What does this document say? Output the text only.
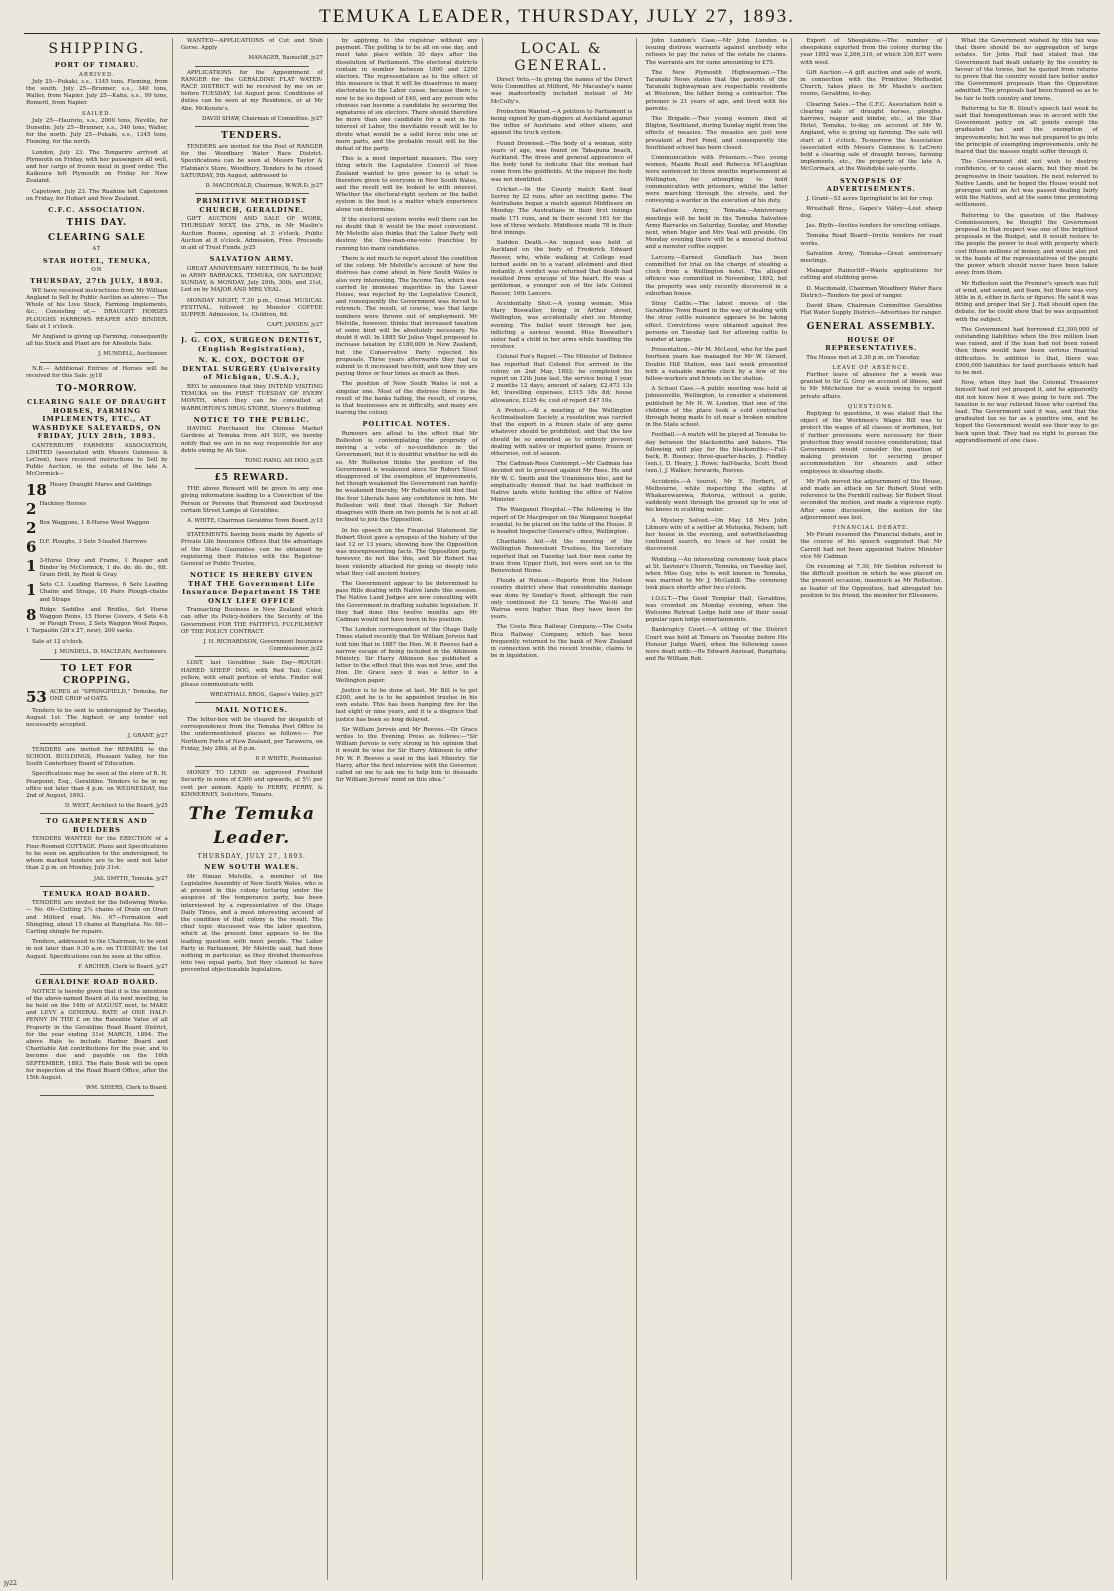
TEMUKA LEADER, THURSDAY, JULY 27, 1893.
SHIPPING.
PORT OF TIMARU.
ARRIVED.

July 25—Pukaki, s.s., 1345 tons, Fleming, from the south. July 25—Brunner, s.s., 340 tons, Waller, from Napier. July 25—Kahu, s.s., 99 tons, Romeril, from Napier.

SAILED.

July 25—Hauroto, s.s., 2000 tons, Neville, for Dunedin. July 25—Brunner, s.s., 340 tons, Waller, for the north. July 25—Pukaki, s.s., 1345 tons, Fleming, for the north.

London, July 23. The Tongariro arrived at Plymouth on Friday, with her passengers all well, and her cargo of frozen meat in good order. The Kaikoura left Plymouth on Friday for New Zealand.

Capetown, July 23. The Ruahine left Capetown on Friday, for Hobart and New Zealand.

C.F.C. ASSOCIATION.
THIS DAY.
CLEARING SALE
AT
STAR HOTEL, TEMUKA,
ON
THURSDAY, 27th JULY, 1893.

WE have received instructions from Mr William Angland to Sell by Public Auction as above:— The Whole of his Live Stock, Farming Implements, &c., Consisting of,— DRAUGHT HORSES PLOUGHS HARROWS REAPER AND BINDER. Sale at 1 o'clock.

Mr Angland is giving up Farming, consequently all his Stock and Plant are for Absolute Sale.

J. MUNDELL, Auctioneer.

N.B.— Additional Entries of Horses will be received for this Sale. jy18

TO-MORROW.
CLEARING SALE OF DRAUGHT HORSES, FARMING IMPLEMENTS, ETC., AT WASHDYKE SALEYARDS, ON FRIDAY, JULY 28th, 1893.

CANTERBURY FARMERS' ASSOCIATION, LIMITED (associated with Messrs Guinness & LeCren), have received instructions to Sell by Public Auction, in the estate of the late A. McCormick—

18 Heavy Draught Mares and Geldings

2 Hackney Horses

2 Box Waggons, 1 8-Horse Wool Waggon

6 D.F. Ploughs, 3 Sets 5-leafed Harrows

1 3-Horse Dray and Frame, 1 Reaper and Binder by McCormick, 1 do. do. do. do., 6ft. Grain Drill, by Reid & Gray.

1 Sets C.I. Leading Harness, 6 Sets Leading Chains and Straps, 16 Pairs Plough-chains and Straps

8 Ridge Saddles and Bridles, Set Horse Waggon Reins, 15 Horse Covers, 4 Sets 4-h or Plough Trees, 2 Sets Waggon Wool Ropes, 1 Tarpaulin (28 x 27, new), 200 sacks.

Sale at 12 o'clock.

J. MUNDELL, D. MACLEAN, Auctioneers.
TO LET FOR CROPPING.

53 ACRES at "SPRINGFIELD," Temuka, for ONE CROP of OATS.

Tenders to be sent to undersigned by Tuesday, August 1st. The highest or any tender not necessarily accepted.

J. GRANT. jy27

TENDERS are invited for REPAIRS to the SCHOOL BUILDINGS, Pleasant Valley, for the South Canterbury Board of Education.

Specifications may be seen at the store of R. H. Pearpoint, Esq., Geraldine. Tenders to be in my office not later than 4 p.m. on WEDNESDAY, the 2nd of August, 1893.

D. WEST, Architect to the Board. jy25
TO GARPENTERS AND BUILDERS

TENDERS WANTED for the ERECTION of a Four-Roomed COTTAGE. Plans and Specifications to be seen on application to the undersigned, to whom marked tenders are to be sent not later than 2 p.m. on Monday, July 31st.

JAS. SMYTH, Temuka. jy27
TEMUKA ROAD BOARD.

TENDERS are invited for the following Works:— No. 66—Cutting 2¼ chains of Drain on Orari and Milford road. No. 67—Formation and Shingling, about 15 chains at Rangitata. No. 68—Carting shingle for repairs.

Tenders, addressed to the Chairman, to be sent in not later than 9.30 a.m. on TUESDAY, the 1st August. Specifications can be seen at the office.

F. ARCHER, Clerk to Board. jy27
GERALDINE ROAD BOARD.

NOTICE is hereby given that it is the intention of the above-named Board at its next meeting, to be held on the 14th of AUGUST next, to MAKE and LEVY a GENERAL RATE of ONE HALF-PENNY IN THE £ on the Rateable Value of all Property in the Geraldine Road Board District, for the year ending 31st MARCH, 1894. The above Rate to include Harbor Board and Charitable Aid contributions for the year, and to become due and payable on the 16th SEPTEMBER, 1893. The Rate Book will be open for inspection at the Road Board Office, after the 15th August.

WM. SHIERS, Clerk to Board.

WANTED—APPLICATIONS of Cut and Stub Gorse. Apply

MANAGER, Rainscliff. jy27

APPLICATIONS for the Appointment of RANGER for the GERALDINE FLAT WATER-RACE DISTRICT will be received by me on or before TUESDAY, 1st August prox. Conditions of duties can be seen at my Residence, or at Mr Abe. McKenzie's.

DAVID SHAW, Chairman of Committee. jy27
TENDERS.

TENDERS are invited for the Post of RANGER for the Woodbury Water Race District. Specifications can be seen at Messrs Taylor & Flatman's Store, Woodbury. Tenders to be closed SATURDAY, 5th August, addressed to

D. MACDONALD, Chairman, W.W.R.D. jy27
PRIMITIVE METHODIST CHURCH, GERALDINE.

GIFT AUCTION AND SALE OF WORK, THURSDAY NEXT, the 27th, in Mr Maslin's Auction Rooms, opening at 3 o'clock. Public Auction at 8 o'clock. Admission, Free. Proceeds in aid of Trust Funds. jy25

SALVATION ARMY.

GREAT ANNIVERSARY MEETINGS, To be held in ARMY BARRACKS, TEMUKA, ON SATURDAY, SUNDAY, & MONDAY, July 29th, 30th, and 31st, Led on by MAJOR AND MRS VEAL.

MONDAY NIGHT, 7.30 p.m., Great MUSICAL FESTIVAL, followed by Monster COFFEE SUPPER. Admission, 1s. Children, 6d.

CAPT. JANSEN. jy27
J. G. COX, SURGEON DENTIST, (English Registration),
N. K. COX, DOCTOR OF DENTAL SURGERY (University of Michigan, U.S.A.),

BEG to announce that they INTEND VISITING TEMUKA on the FIRST TUESDAY OF EVERY MONTH, when they can be consulted at WARBURTON'S DRUG STORE, Storey's Building.

NOTICE TO THE PUBLIC.

HAVING Purchased the Chinese Market Gardens at Temuka from AH SUE, we hereby notify that we are in no way responsible for any debts owing by Ah Sue.

TONG HANG. AH HOO. jy25
£5 REWARD.

THE above Reward will be given to any one giving information leading to a Conviction of the Person or Persons that Removed and Destroyed certain Street Lamps at Geraldine.

A. WHITE, Chairman Geraldine Town Board. jy13

STATEMENTS having been made by Agents of Private Life Insurance Offices that the advantage of the State Guarantee can be obtained by registering their Policies with the Registrar-General or Public Trustee,

NOTICE IS HEREBY GIVEN THAT THE Government Life Insurance Department IS THE ONLY LIFE OFFICE

Transacting Business in New Zealand which can offer its Policy-holders the Security of the Government FOR THE FAITHFUL FULFILMENT OF THE POLICY CONTRACT.

J. H. RICHARDSON, Government Insurance Commissioner. jy22

LOST, last Geraldine Sale Day—ROUGH-HAIRED SHEEP DOG, with Red Tail; Color, yellow, with small portion of white. Finder will please communicate with

WREATHALL BROS., Gapes's Valley. jy27
MAIL NOTICES.

The letter-box will be cleared for despatch of correspondence from the Temuka Post Office to the undermentioned places as follows:— For Northern Ports of New Zealand, per Tarawera, on Friday, July 28th, at 8 p.m.

P. P. WHITE, Postmaster.

MONEY TO LEND on approved Freehold Security in sums of £300 and upwards, at 5½ per cent per annum. Apply to PERRY, PERRY, & KINNERNEY, Solicitors, Timaru.

The Temuka Leader.
THURSDAY, JULY 27, 1893.
NEW SOUTH WALES.

Mr Ninian Melville, a member of the Legislative Assembly of New South Wales, who is at present in this colony lecturing under the auspices of the temperance party, has been interviewed by a representative of the Otago Daily Times, and a most interesting account of the condition of that colony is the result. The chief topic discussed was the labor question, which at the present time appears to be the leading question with most people. The Labor Party in Parliament, Mr Melville said, had done nothing in particular, as they divided themselves into two equal parts, but they claimed to have prevented objectionable legislation.

by applying to the registrar without any payment. The polling is to be all on one day, and must take place within 30 days after the dissolution of Parliament. The electoral districts contain in number between 1800 and 2200 electors. The representation as to the effect of this measure is that it will be disastrous in many electorates to the Labor cause, because there is now to be no deposit of £40, and any person who chooses can become a candidate by securing the signatures of six electors. There should therefore be more than one candidate for a seat in the interest of Labor, the inevitable result will be to divide what would be a solid force into one or more parts, and the probable result will be the defeat of the party.

This is a most important measure. The very thing which the Legislative Council of New Zealand wanted to give power to is what is therefore given to everyone in New South Wales, and the result will be looked to with interest. Whether the electoral-right system or the ballot system is the best is a matter which experience alone can determine.

If the electoral system works well there can be no doubt that it would be the most convenient. Mr Melville also thinks that the Labor Party will destroy the One-man-one-vote franchise by running too many candidates.

There is not much to report about the condition of the colony. Mr Melville's account of how the distress has come about in New South Wales is also very interesting. The Income Tax, which was carried by immense majorities in the Lower House, was rejected by the Legislative Council, and consequently the Government was forced to retrench. The result, of course, was that large numbers were thrown out of employment. Mr Melville, however, thinks that increased taxation of some kind will be absolutely necessary. No doubt it will. In 1885 Sir Julius Vogel proposed to increase taxation by £180,000 in New Zealand, but the Conservative Party rejected his proposals. Three years afterwards they had to submit to it increased two-fold, and now they are paying three or four times as much as then.

The position of New South Wales is not a singular one. Most of the distress there is the result of the banks failing, the result, of course, is that businesses are in difficulty, and many are leaving the colony.

POLITICAL NOTES.

Rumours are afloat to the effect that Mr Rolleston is contemplating the propriety of moving a vote of no-confidence in the Government, but it is doubtful whether he will do so. Mr Rolleston thinks the position of the Government is weakened since Sir Robert Stout disapproved of the exemption of improvements, but though weakened the Government can hardly be weakened thereby. Mr Rolleston will find that the four Liberals have any confidence in him. Mr Rolleston will find that though Sir Robert disagrees with them on two points he is not at all inclined to join the Opposition.

In his speech on the Financial Statement Sir Robert Stout gave a synopsis of the history of the last 12 or 13 years, showing how the Opposition was misrepresenting facts. The Opposition party, however, do not like this, and Sir Robert has been violently attacked for going so deeply into what they call ancient history.

The Government appear to be determined to pass Bills dealing with Native lands this session. The Native Land Judges are now consulting with the Government in drafting suitable legislation. If they had done this twelve months ago Mr Cadman would not have been in his position.

The London correspondent of the Otago Daily Times stated recently that Sir William Jervois had told him that in 1887 the Hon. W. P. Reeves had a narrow escape of being included in the Atkinson Ministry. Sir Harry Atkinson has published a letter to the effect that this was not true, and the Hon. Dr. Grace says it was a letter to a Wellington paper.

Justice is to be done at last. Mr Bill is to get £200, and he is to be appointed trustee in his own estate. This has been hanging fire for the last eight or nine years, and it is a disgrace that justice has been so long delayed.

Sir William Jervois and Mr Reeves.—Dr Grace writes to the Evening Press as follows:—"Sir William Jervois is very strong in his opinion that it would be wise for Sir Harry Atkinson to offer Mr W. P. Reeves a seat in the last Ministry. Sir Harry, after the first interview with the Governor, called on me to ask me to help him to dissuade Sir William Jervois' mind on this idea."

LOCAL & GENERAL.

Direct Veto.—In giving the names of the Direct Veto Committee at Milford, Mr Macaulay's name was inadvertently included instead of Mr McCully's.

Protection Wanted.—A petition to Parliament is being signed by gum-diggers at Auckland against the influx of Austrians and other aliens, and against the truck system.

Found Drowned.—The body of a woman, sixty years of age, was found on Takapuna beach, Auckland. The dress and general appearance of the body tend to indicate that the woman had come from the goldfields. At the inquest the body was not identified.

Cricket.—In the County match Kent beat Surrey by 22 runs, after an exciting game. The Australians began a match against Middlesex on Monday. The Australians in their first innings made 171 runs, and in their second 161 for the loss of three wickets. Middlesex made 78 in their first innings.

Sudden Death.—An inquest was held at Auckland on the body of Frederick Edward Reeser, who, while walking at College road turned aside on to a vacant allotment and died instantly. A verdict was returned that death had resulted from syncope of the heart. He was a gentleman, a younger son of the late Colonel Reeser, 16th Lancers.

Accidentally Shot.—A young woman, Miss Mary Boswalter, living in Arthur street, Wellington, was accidentally shot on Monday evening. The bullet went through her jaw, inflicting a serious wound. Miss Boswalter's sister had a child in her arms while handling the revolver.

Colonel Fox's Report.—The Minister of Defence has reported that Colonel Fox arrived in the colony on 2nd May, 1892; he completed his report on 12th June last, the service being 1 year 2 months 12 days; amount of salary, £2,473 13s 4d; travelling expenses, £315 18s 8d; house allowance, £125 4s; cost of report £47 10s.

A Protest.—At a meeting of the Wellington Acclimatisation Society a resolution was carried that the export in a frozen state of any game whatever should be prohibited, and that the law should be so amended as to entirely prevent dealing with native or imported game, frozen or otherwise, out of season.

The Cadman-Rees Contempt.—Mr Cadman has decided not to proceed against Mr Rees. He and Mr W. C. Smith and the Unanimous bloc, and he emphatically denied that he had trafficked in Native lands while holding the office of Native Minister.

The Wanganui Hospital.—The following is the report of Dr Macgregor on the Wanganui hospital scandal, to be placed on the table of the House. It is headed Inspector General's office, Wellington.

Charitable Aid.—At the meeting of the Wellington Benevolent Trustees, the Secretary reported that on Tuesday last four men came by train from Upper Hutt, but were sent on to the Benevolent Home.

Floods at Nelson.—Reports from the Nelson country district show that considerable damage was done by Sunday's flood, although the rain only continued for 12 hours. The Wai-iti and Wairoa were higher than they have been for years.

The Costa Rica Railway Company.—The Costa Rica Railway Company, which has been frequently returned to the bank of New Zealand in connection with the recent trouble, claims to be in liquidation.

John Lundon's Case.—Mr John Lundon is issuing distress warrants against anybody who refuses to pay the rates of the estate he claims. The warrants are for sums amounting to £75.

The New Plymouth Highwayman.—The Taranaki News states that the parents of the Taranaki highwayman are respectable residents at Westown, the father being a contractor. The prisoner is 21 years of age, and lived with his parents.

The Brigade.—Two young women died at Bligton, Southland, during Sunday night from the effects of measles. The measles are just now prevalent at Port Pond, and consequently the Southland school has been closed.

Communication with Prisoners.—Two young women, Maude Reall and Rebecca M'Laughlan were sentenced to three months imprisonment at Wellington, for attempting to hold communication with prisoners, whilst the latter were marching through the streets, and for conveying a warder in the execution of his duty.

Salvation Army, Temuka.—Anniversary meetings will be held in the Temuka Salvation Army Barracks on Saturday, Sunday, and Monday next, when Major and Mrs Veal will preside. On Monday evening there will be a musical festival and a monster coffee supper.

Larceny.—Earnest Gundlach has been committed for trial on the charge of stealing a clock from a Wellington hotel. The alleged offence was committed in November, 1892, but the property was only recently discovered in a suburban house.

Stray Cattle.—The latest moves of the Geraldine Town Board in the way of dealing with the stray cattle nuisance appears to be taking effect. Convictions were obtained against five persons on Tuesday last for allowing cattle to wander at large.

Presentation.—Mr M. McLeod, who for the past fourteen years has managed for Mr W. Gerard, Double Hill Station, was last week presented with a valuable marble clock by a few of his fellow-workers and friends on the station.

A School Case.—A public meeting was held at Johnsonville, Wellington, to consider a statement published by Mr H. W. London, that one of the children of the place took a cold contracted through being made to sit near a broken window in the State school.

Football.—A match will be played at Temuka to-day between the blacksmiths and bakers. The following will play for the blacksmiths:—Full-back, R. Rooney; three-quarter-backs, J. Findley (sen.), D. Heary, J. Rowe; half-backs, Scott Hood (sen.), J. Walker; forwards, Reeves.

Accidents.—A tourist, Mr E. Herbert, of Melbourne, while inspecting the sights at Whakarewarewa, Rotorua, without a guide, suddenly went through the ground up to one of his knees in scalding water.

A Mystery Solved.—On May 18 Mrs John Litmore wife of a settler at Motueka, Nelson, left her house in the evening, and notwithstanding continued search, no trace of her could be discovered.

Wedding.—An interesting ceremony took place at St. Saviour's Church, Temuka, on Tuesday last, when Miss Guy, who is well known in Temuka, was married to Mr J. McGahill. The ceremony took place shortly after two o'clock.

I.O.G.T.—The Good Templar Hall, Geraldine, was crowded on Monday evening, when the Welcome Retreat Lodge held one of their usual popular open lodge entertainments.

Bankruptcy Court.—A sitting of the District Court was held at Timaru on Tuesday before His Honour Judge Ward, when the following cases were dealt with:—Re Edward Anstead, Rangitata; and Re William Rob.

Export of Sheepskins.—The number of sheepskins exported from the colony during the year 1892 was 2,266,316, of which 336,837 were with wool.

Gift Auction.—A gift auction and sale of work, in connection with the Primitive Methodist Church, takes place in Mr Maslin's auction rooms, Geraldine, to-day.

Clearing Sales.—The C.F.C. Association hold a clearing sale of draught horses, ploughs, harrows, reaper and binder, etc., at the Star Hotel, Temuka, to-day, on account of Mr W. Angland, who is giving up farming. The sale will start at 1 o'clock. To-morrow the Association (associated with Messrs Guinness & LeCren) hold a clearing sale of draught horses, farming implements, etc., the property of the late A. McCormack, at the Washdyke sale-yards.

SYNOPSIS OF ADVERTISEMENTS.

J. Grant—53 acres Springfield to let for crop.

Wreathall Bros., Gapes's Valley—Lost sheep dog.

Jas. Blyth—Invites tenders for erecting cottage.

Temuka Road Board—Invite tenders for road works.

Salvation Army, Temuka—Great anniversary meetings.

Manager Rainscliff—Wants applications for cutting and stubbing gorse.

D. Macdonald, Chairman Woodbury Water Race District—Tenders for post of ranger.

David Shaw, Chairman Committee Geraldine Flat Water Supply District—Advertises for ranger.

GENERAL ASSEMBLY.
HOUSE OF REPRESENTATIVES.

The House met at 2.30 p.m. on Tuesday.

LEAVE OF ABSENCE.

Further leave of absence for a week was granted to Sir G. Grey on account of illness, and to Mr Mitchelson for a week owing to urgent private affairs.

QUESTIONS.

Replying to questions, it was stated that the object of the Workmen's Wages Bill was to protect the wages of all classes of workmen, but if further provisions were necessary for their protection they would receive consideration; that Government would consider the question of making provision for securing proper accommodation for shearers and other employees in shearing sheds.

Mr Fish moved the adjournment of the House, and made an attack on Sir Robert Stout with reference to the Fernhill railway. Sir Robert Stout seconded the motion, and made a vigorous reply. After some discussion, the motion for the adjournment was lost.

FINANCIAL DEBATE.

Mr Pirani resumed the Financial debate, and in the course of his speech suggested that Mr Carroll had not been appointed Native Minister vice Mr Cadman.

On resuming at 7.30, Mr Seddon referred to the difficult position in which he was placed on the present occasion, inasmuch as Mr Rolleston, as leader of the Opposition, had abrogated his position to his friend, the member for Ellesmere.

What the Government wished by this tax was that there should be no aggregation of large estates. Sir John Hall had stated that the Government had dealt unfairly by the country in favour of the towns, but he quoted from returns to prove that the country would fare better under the Government proposals than the Opposition admitted. The proposals had been framed so as to be fair to both country and towns.

Referring to Sir R. Stout's speech last week he said that honsgentleman was in accord with the Government policy on all points except the graduated tax and the exemption of improvements; but he was not prepared to go into the principle of exempting improvements, only he feared that the masses might suffer through it.

The Government did not wish to destroy confidence, or to cause alarm, but they must be progressive in their taxation. He next referred to Native Lands, and he hoped the House would not prorogue until an Act was passed dealing fairly with the Natives, and at the same time promoting settlement.

Referring to the question of the Railway Commissioners, he thought the Government proposal in that respect was one of the brightest proposals in the Budget, and it would restore to the people the power to deal with property which cost fifteen millions of money, and would also put in the hands of the representatives of the people the power which should never have been taken away from them.

Mr Rolleston said the Premier's speech was full of wind, and sound, and foam, but there was very little in it, either in facts or figures. He said it was fitting and proper that Sir J. Hall should open the debate, for he could show that he was acquainted with the subject.

The Government had borrowed £2,300,000 of outstanding liabilities when the five million loan was raised, and if the loan had not been raised then there would have been serious financial difficulties. In addition to that, there was £900,000 liabilities for land purchases which had to be met.

Now, when they had the Colonial Treasurer himself had not yet grasped it, and he apparently did not know how it was going to turn out. The taxation is no way relieved those who carried the load. The Government said it was, and that the graduated tax so far as a punitive one, and he hoped the Government would see their way to go back upon that. They had no right to pursue the aggrandisement of one class.

jy22
